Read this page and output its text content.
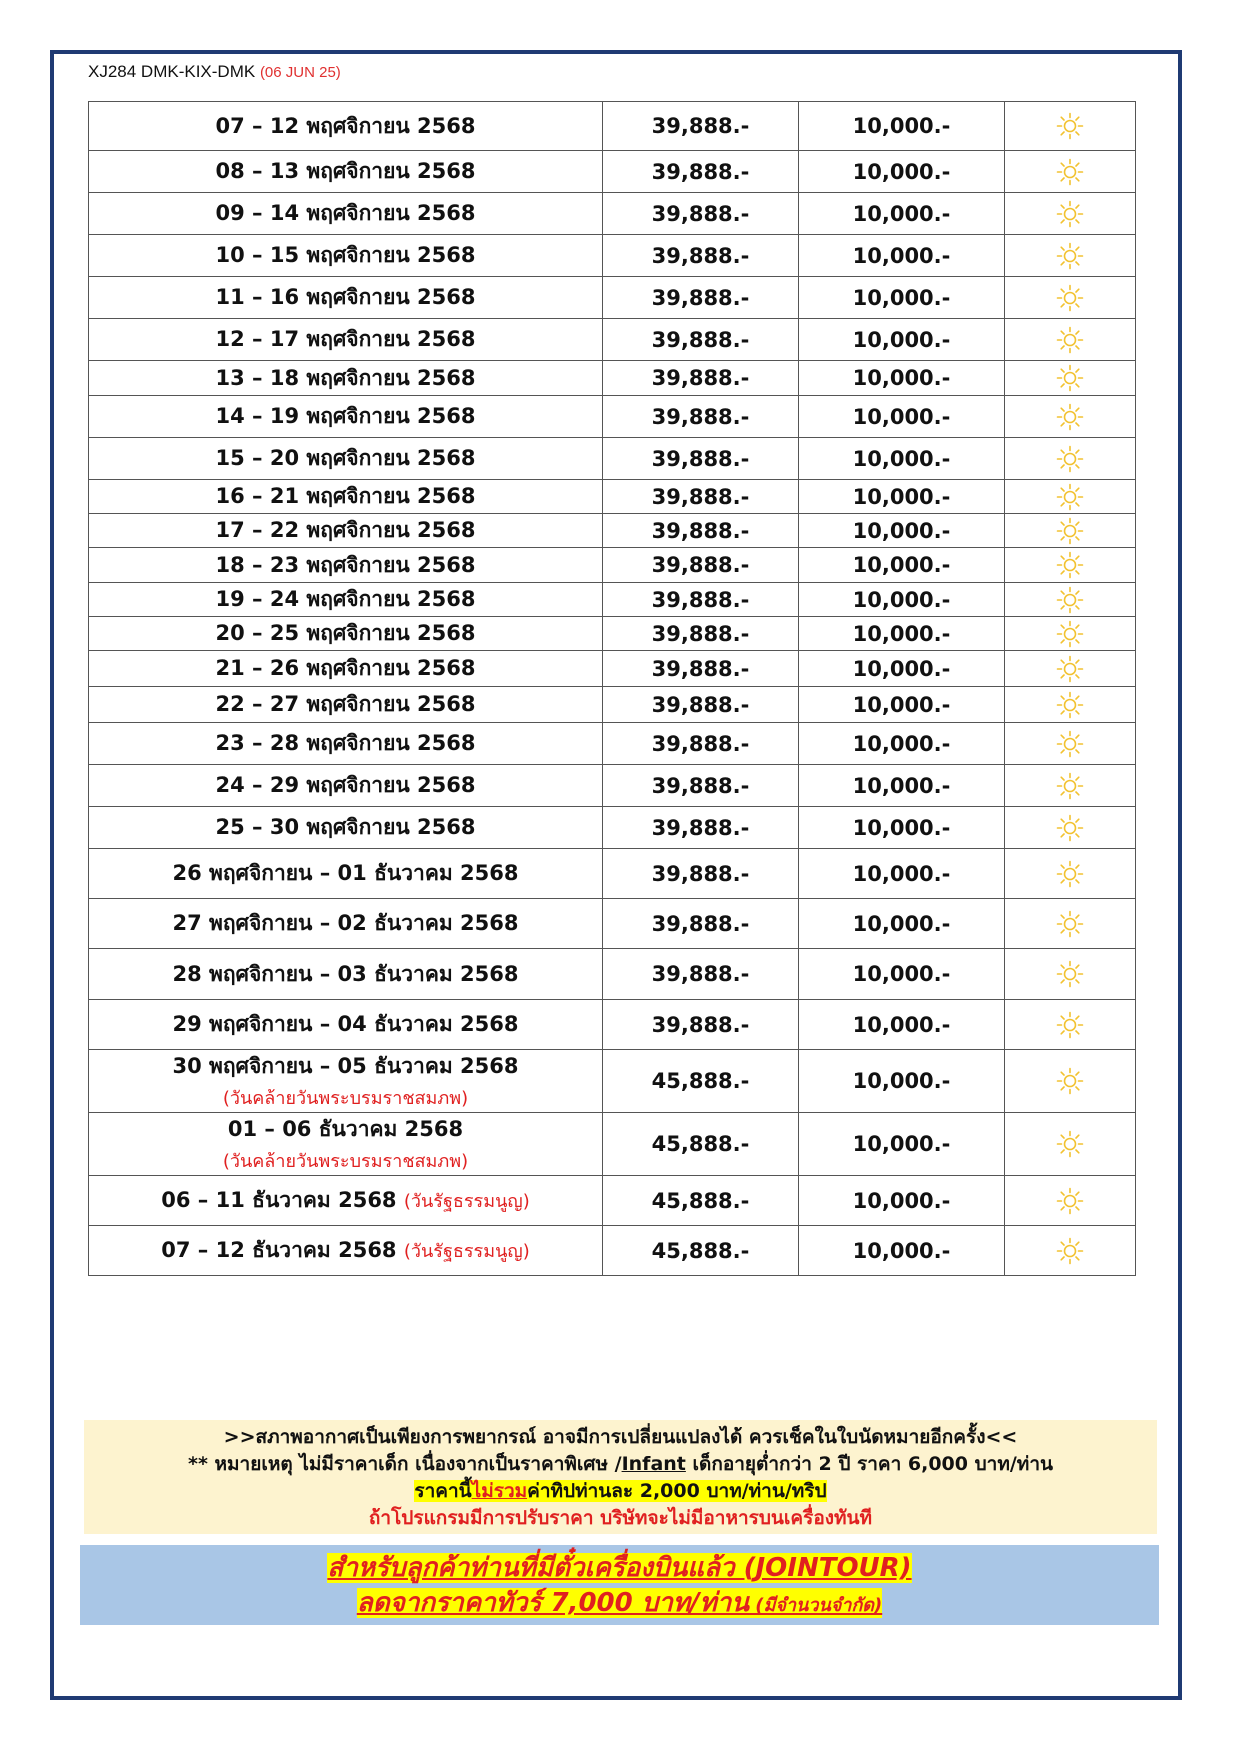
XJ284 DMK-KIX-DMK (06 JUN 25)
07 – 12 พฤศจิกายน 2568	39,888.-	10,000.-	
08 – 13 พฤศจิกายน 2568	39,888.-	10,000.-	
09 – 14 พฤศจิกายน 2568	39,888.-	10,000.-	
10 – 15 พฤศจิกายน 2568	39,888.-	10,000.-	
11 – 16 พฤศจิกายน 2568	39,888.-	10,000.-	
12 – 17 พฤศจิกายน 2568	39,888.-	10,000.-	
13 – 18 พฤศจิกายน 2568	39,888.-	10,000.-	
14 – 19 พฤศจิกายน 2568	39,888.-	10,000.-	
15 – 20 พฤศจิกายน 2568	39,888.-	10,000.-	
16 – 21 พฤศจิกายน 2568	39,888.-	10,000.-	
17 – 22 พฤศจิกายน 2568	39,888.-	10,000.-	
18 – 23 พฤศจิกายน 2568	39,888.-	10,000.-	
19 – 24 พฤศจิกายน 2568	39,888.-	10,000.-	
20 – 25 พฤศจิกายน 2568	39,888.-	10,000.-	
21 – 26 พฤศจิกายน 2568	39,888.-	10,000.-	
22 – 27 พฤศจิกายน 2568	39,888.-	10,000.-	
23 – 28 พฤศจิกายน 2568	39,888.-	10,000.-	
24 – 29 พฤศจิกายน 2568	39,888.-	10,000.-	
25 – 30 พฤศจิกายน 2568	39,888.-	10,000.-	
26 พฤศจิกายน – 01 ธันวาคม 2568	39,888.-	10,000.-	
27 พฤศจิกายน – 02 ธันวาคม 2568	39,888.-	10,000.-	
28 พฤศจิกายน – 03 ธันวาคม 2568	39,888.-	10,000.-	
29 พฤศจิกายน – 04 ธันวาคม 2568	39,888.-	10,000.-	
30 พฤศจิกายน – 05 ธันวาคม 2568
(วันคล้ายวันพระบรมราชสมภพ)	45,888.-	10,000.-	
01 – 06 ธันวาคม 2568
(วันคล้ายวันพระบรมราชสมภพ)	45,888.-	10,000.-	
06 – 11 ธันวาคม 2568 (วันรัฐธรรมนูญ)	45,888.-	10,000.-	
07 – 12 ธันวาคม 2568 (วันรัฐธรรมนูญ)	45,888.-	10,000.-	
>>สภาพอากาศเป็นเพียงการพยากรณ์ อาจมีการเปลี่ยนแปลงได้ ควรเช็คในใบนัดหมายอีกครั้ง<<
** หมายเหตุ ไม่มีราคาเด็ก เนื่องจากเป็นราคาพิเศษ /Infant เด็กอายุต่ำกว่า 2 ปี ราคา 6,000 บาท/ท่าน
ราคานี้ไม่รวมค่าทิปท่านละ 2,000 บาท/ท่าน/ทริป
ถ้าโปรแกรมมีการปรับราคา บริษัทจะไม่มีอาหารบนเครื่องทันที
สำหรับลูกค้าท่านที่มีตั๋วเครื่องบินแล้ว (JOINTOUR)
ลดจากราคาทัวร์ 7,000 บาท/ท่าน (มีจำนวนจำกัด)
